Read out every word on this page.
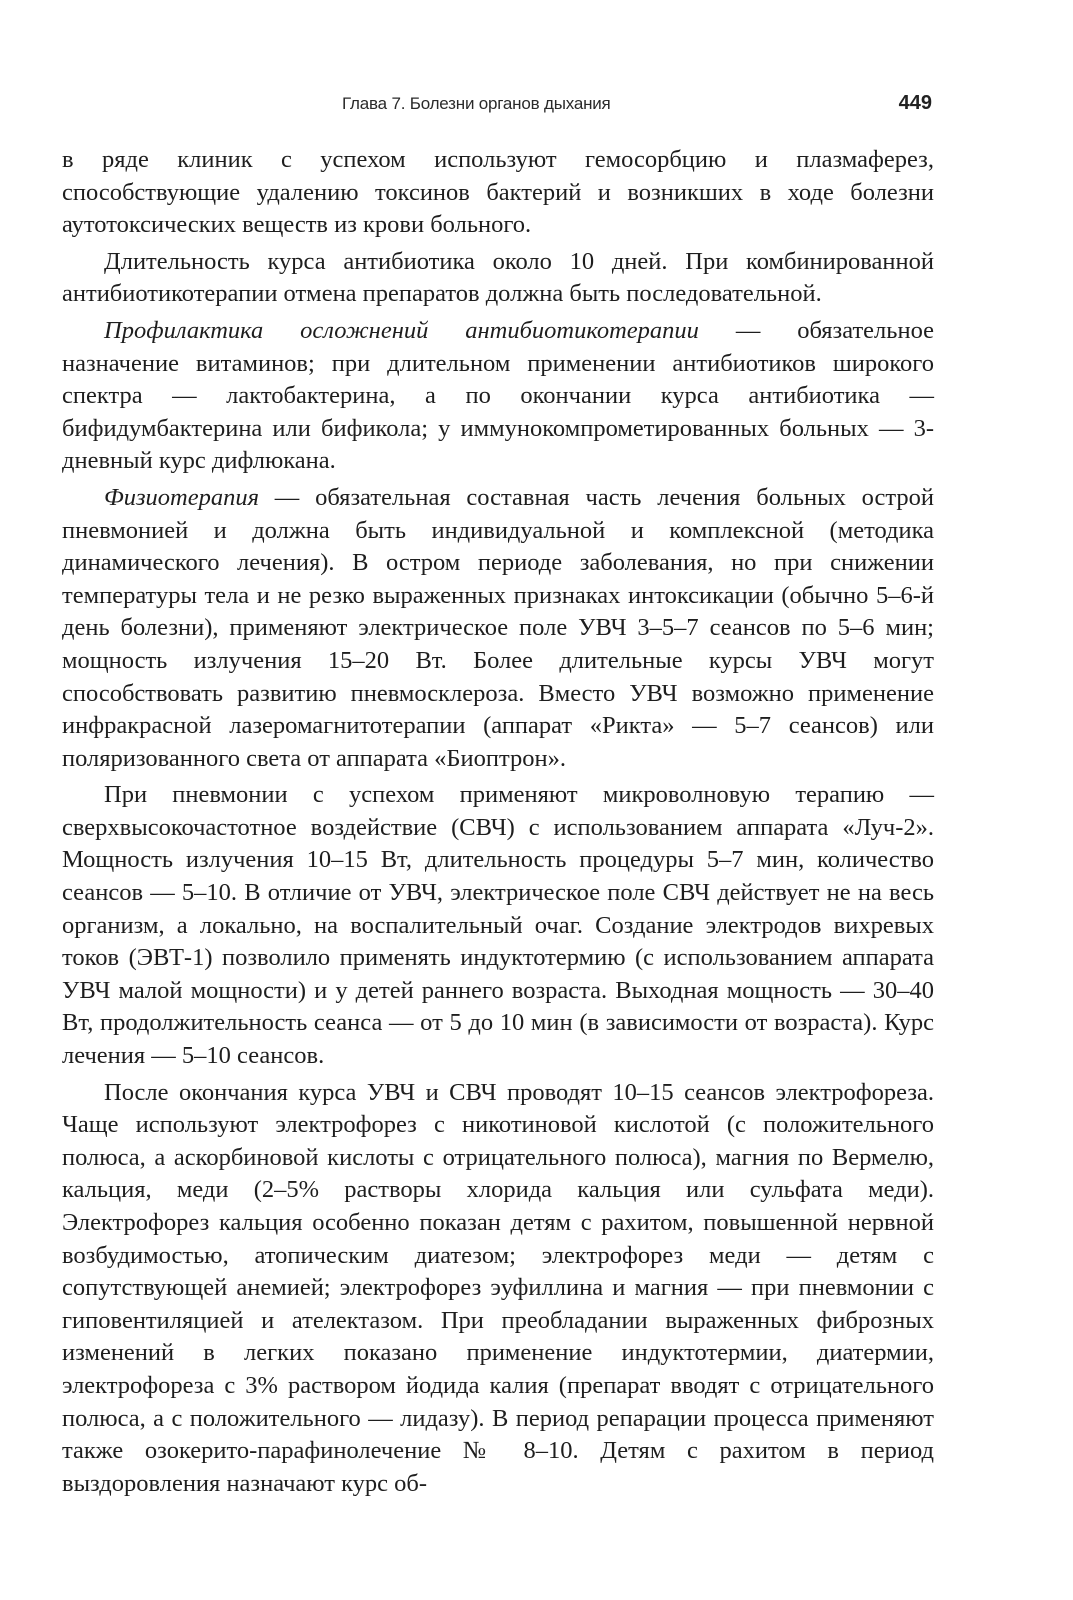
Глава 7. Болезни органов дыхания	449

в ряде клиник с успехом используют гемосорбцию и плазмаферез, способствующие удалению токсинов бактерий и возникших в ходе болезни аутотоксических веществ из крови больного.

Длительность курса антибиотика около 10 дней. При комбинированной антибиотикотерапии отмена препаратов должна быть последовательной.

Профилактика осложнений антибиотикотерапии — обязательное назначение витаминов; при длительном применении антибиотиков широкого спектра — лактобактерина, а по окончании курса антибиотика — бифидумбактерина или бификола; у иммунокомпрометированных больных — 3-дневный курс дифлюкана.

Физиотерапия — обязательная составная часть лечения больных острой пневмонией и должна быть индивидуальной и комплексной (методика динамического лечения). В остром периоде заболевания, но при снижении температуры тела и не резко выраженных признаках интоксикации (обычно 5–6-й день болезни), применяют электрическое поле УВЧ 3–5–7 сеансов по 5–6 мин; мощность излучения 15–20 Вт. Более длительные курсы УВЧ могут способствовать развитию пневмосклероза. Вместо УВЧ возможно применение инфракрасной лазеромагнитотерапии (аппарат «Рикта» — 5–7 сеансов) или поляризованного света от аппарата «Биоптрон».

При пневмонии с успехом применяют микроволновую терапию — сверхвысокочастотное воздействие (СВЧ) с использованием аппарата «Луч-2». Мощность излучения 10–15 Вт, длительность процедуры 5–7 мин, количество сеансов — 5–10. В отличие от УВЧ, электрическое поле СВЧ действует не на весь организм, а локально, на воспалительный очаг. Создание электродов вихревых токов (ЭВТ-1) позволило применять индуктотермию (с использованием аппарата УВЧ малой мощности) и у детей раннего возраста. Выходная мощность — 30–40 Вт, продолжительность сеанса — от 5 до 10 мин (в зависимости от возраста). Курс лечения — 5–10 сеансов.

После окончания курса УВЧ и СВЧ проводят 10–15 сеансов электрофореза. Чаще используют электрофорез с никотиновой кислотой (с положительного полюса, а аскорбиновой кислоты с отрицательного полюса), магния по Вермелю, кальция, меди (2–5% растворы хлорида кальция или сульфата меди). Электрофорез кальция особенно показан детям с рахитом, повышенной нервной возбудимостью, атопическим диатезом; электрофорез меди — детям с сопутствующей анемией; электрофорез эуфиллина и магния — при пневмонии с гиповентиляцией и ателектазом. При преобладании выраженных фиброзных изменений в легких показано применение индуктотермии, диатермии, электрофореза с 3% раствором йодида калия (препарат вводят с отрицательного полюса, а с положительного — лидазу). В период репарации процесса применяют также озокерито-парафинолечение № 8–10. Детям с рахитом в период выздоровления назначают курс об-
